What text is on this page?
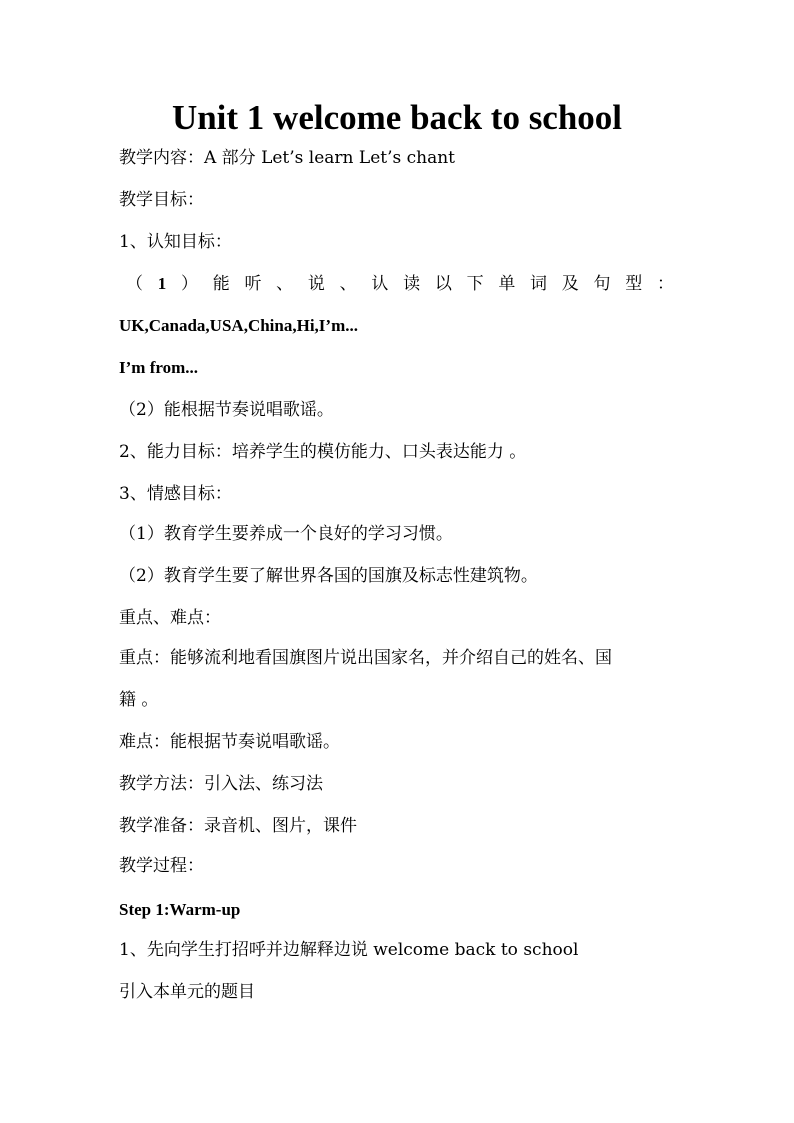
Unit 1 welcome back to school
教学内容：A 部分 Let’s learn Let’s chant
教学目标：
1、认知目标：
（ 1 ） 能 听 、 说 、 认 读 以 下 单 词 及 句 型 ：
UK,Canada,USA,China,Hi,I’m...
I’m from...
（2）能根据节奏说唱歌谣。
2、能力目标：培养学生的模仿能力、口头表达能力 。
3、情感目标：
（1）教育学生要养成一个良好的学习习惯。
（2）教育学生要了解世界各国的国旗及标志性建筑物。
重点、难点：
重点：能够流利地看国旗图片说出国家名，并介绍自己的姓名、国
籍 。
难点：能根据节奏说唱歌谣。
教学方法：引入法、练习法
教学准备：录音机、图片，课件
教学过程：
Step 1:Warm-up
1、先向学生打招呼并边解释边说 welcome back to school
引入本单元的题目
